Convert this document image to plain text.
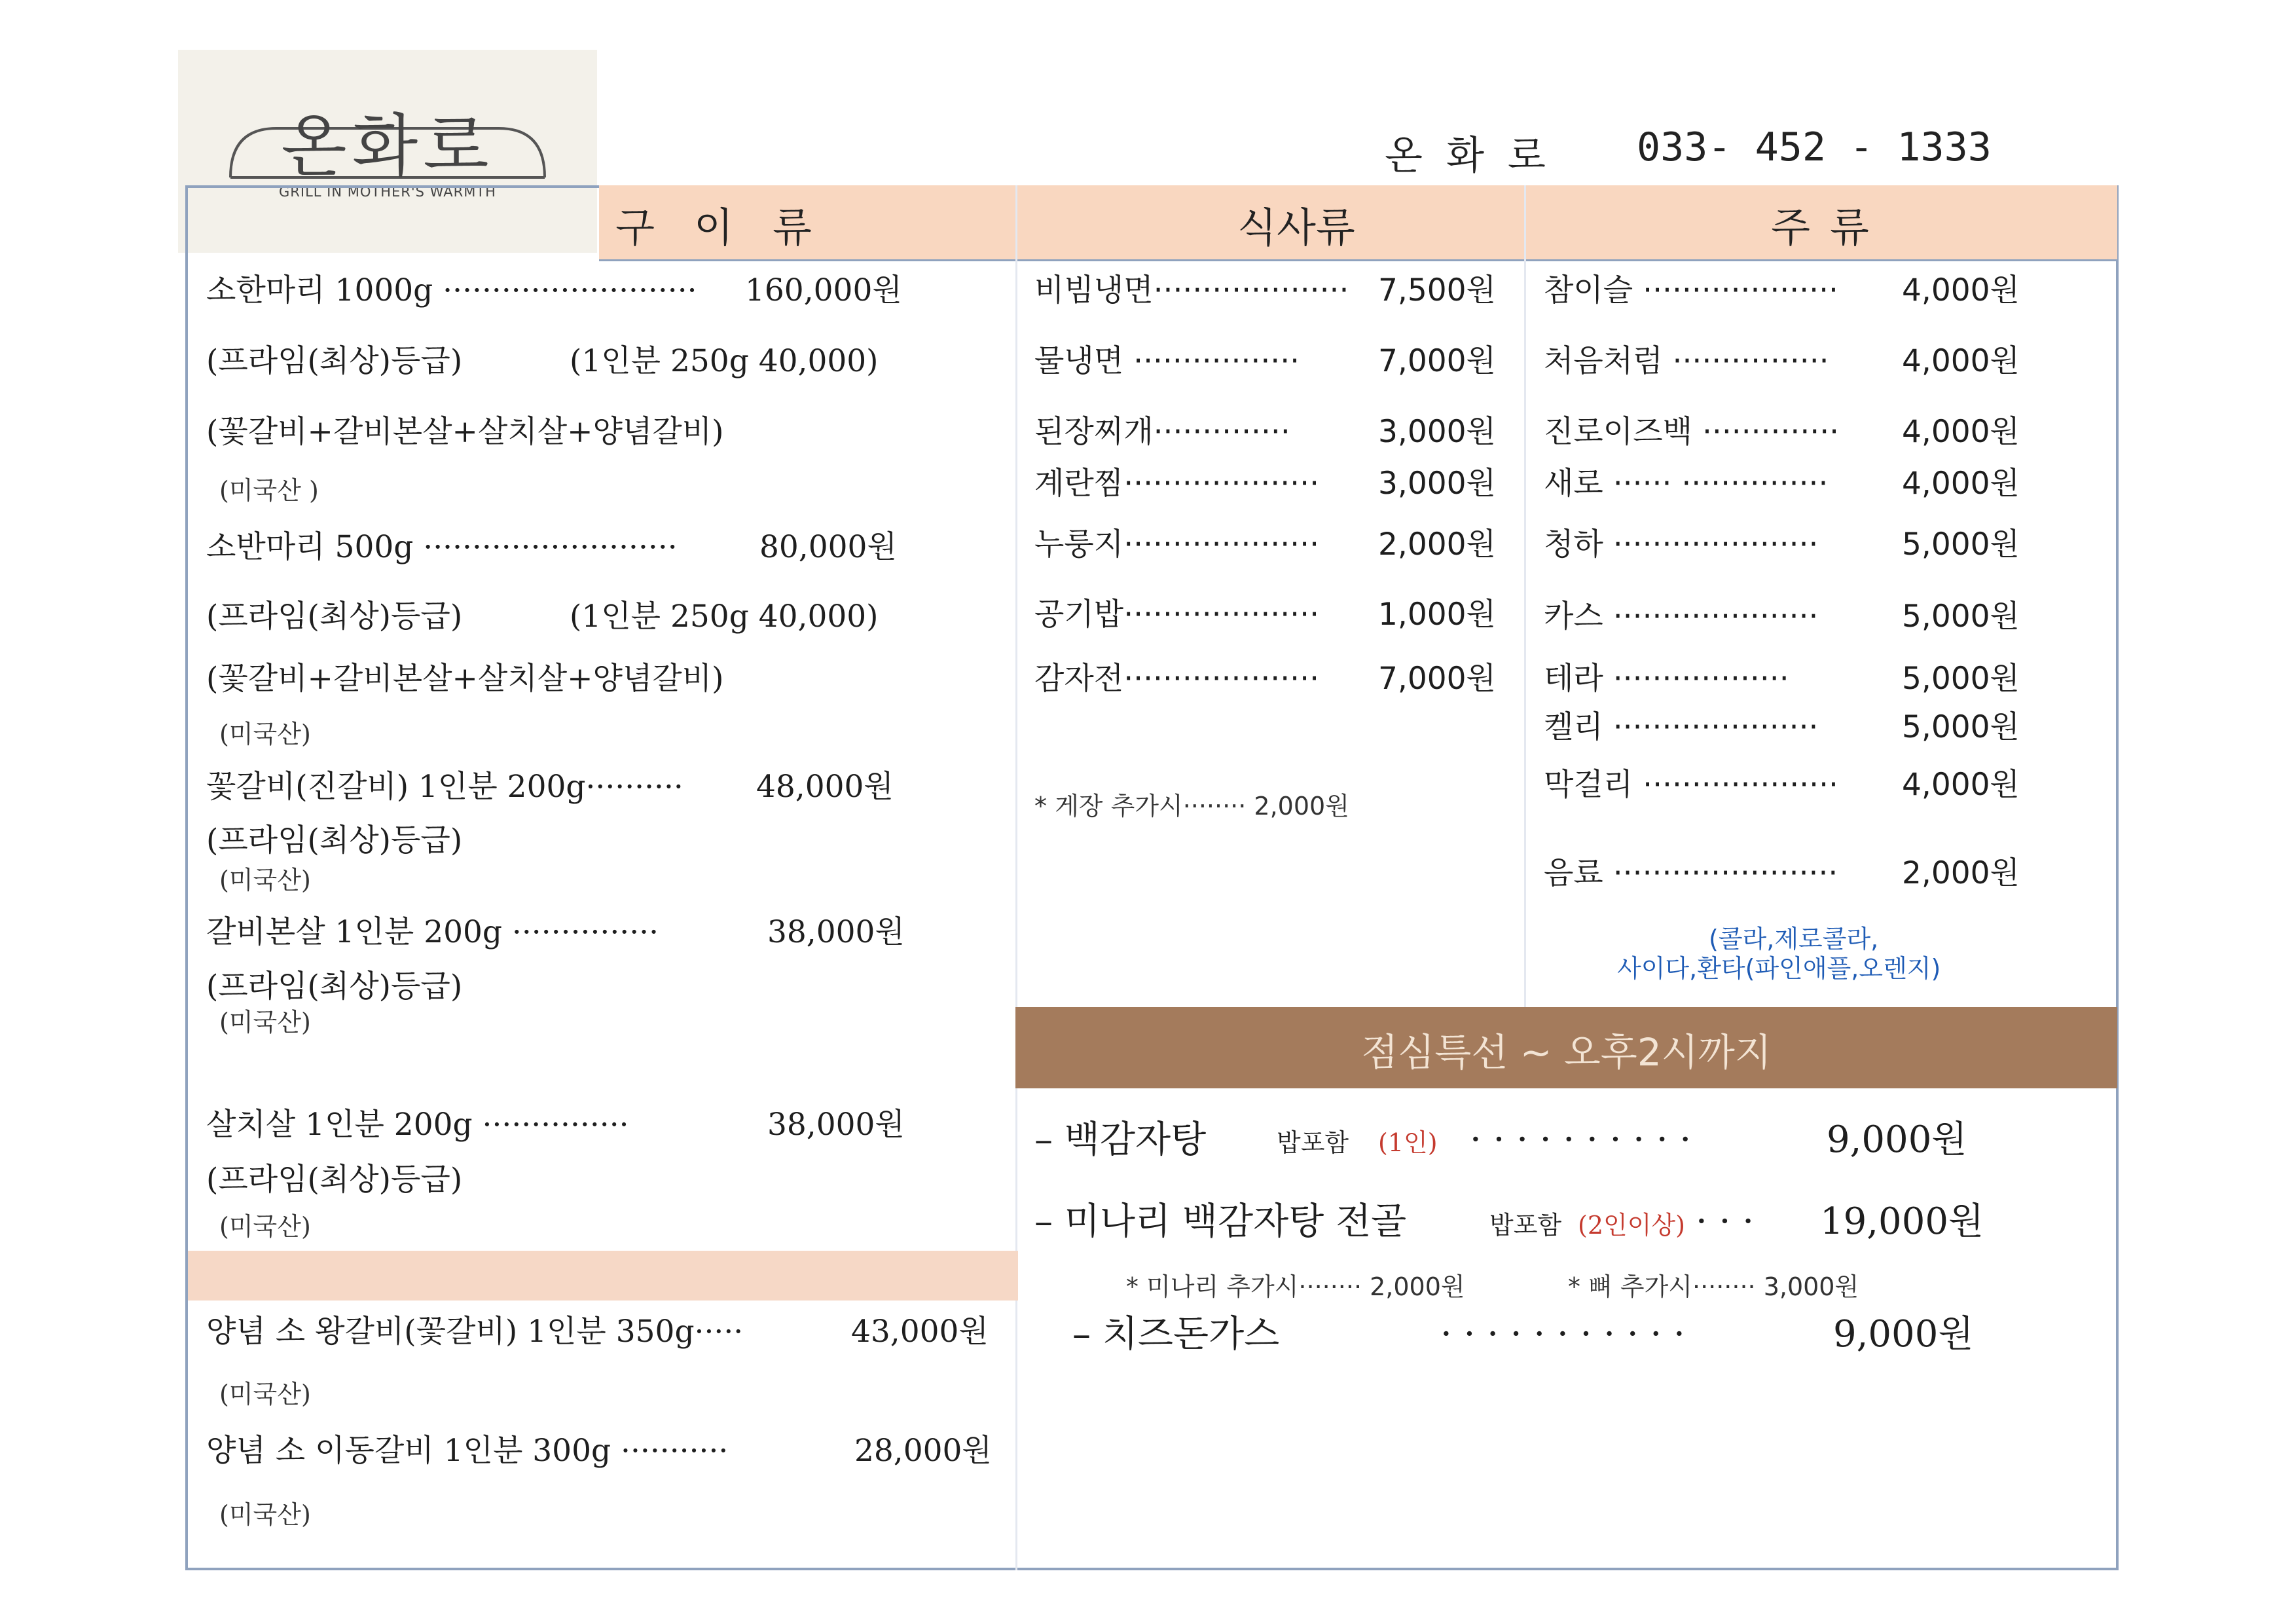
온화로
GRILL IN MOTHER'S WARMTH
온화로 033- 452 - 1333
구이류	식사류	주류
소한마리 1000g ·························· 160,000원
(프라임(최상)등급)	(1인분 250g 40,000)
(꽃갈비+갈비본살+살치살+양념갈비)
(미국산 )
소반마리 500g ··························	80,000원
(프라임(최상)등급)	(1인분 250g 40,000)
(꽃갈비+갈비본살+살치살+양념갈비)
(미국산)
꽃갈비(진갈비) 1인분 200g·········· 48,000원
(프라임(최상)등급)
(미국산)
갈비본살 1인분 200g ···············	38,000원
(프라임(최상)등급)
(미국산)
살치살 1인분 200g ···············	38,000원
(프라임(최상)등급)
(미국산)
양념 소 왕갈비(꽃갈비) 1인분 350g·····	43,000원
(미국산)
양념 소 이동갈비 1인분 300g ···········	28,000원
(미국산)
비빔냉면···················· 7,500원
물냉면 ·················	7,000원
된장찌개··············	3,000원
계란찜···················· 3,000원
누룽지···················· 2,000원
공기밥···················· 1,000원
감자전···················· 7,000원
* 게장 추가시········ 2,000원
참이슬 ···················· 4,000원
처음처럼 ················ 4,000원
진로이즈백 ·············· 4,000원
새로 ······ ··············· 4,000원
청하 ·····················	5,000원
카스 ·····················	5,000원
테라 ··················	5,000원
켈리 ·····················	5,000원
막걸리 ···················· 4,000원
음료 ······················· 2,000원
(콜라,제로콜라,
사이다,환타(파인애플,오렌지)
점심특선 ~ 오후2시까지
– 백감자탕	밥포함 (1인) · · · · · · · · · ·	9,000원
– 미나리 백감자탕 전골	밥포함 (2인이상) · · · 19,000원
* 미나리 추가시········ 2,000원	* 뼈 추가시········ 3,000원
– 치즈돈가스	· · · · · · · · · · ·	9,000원
